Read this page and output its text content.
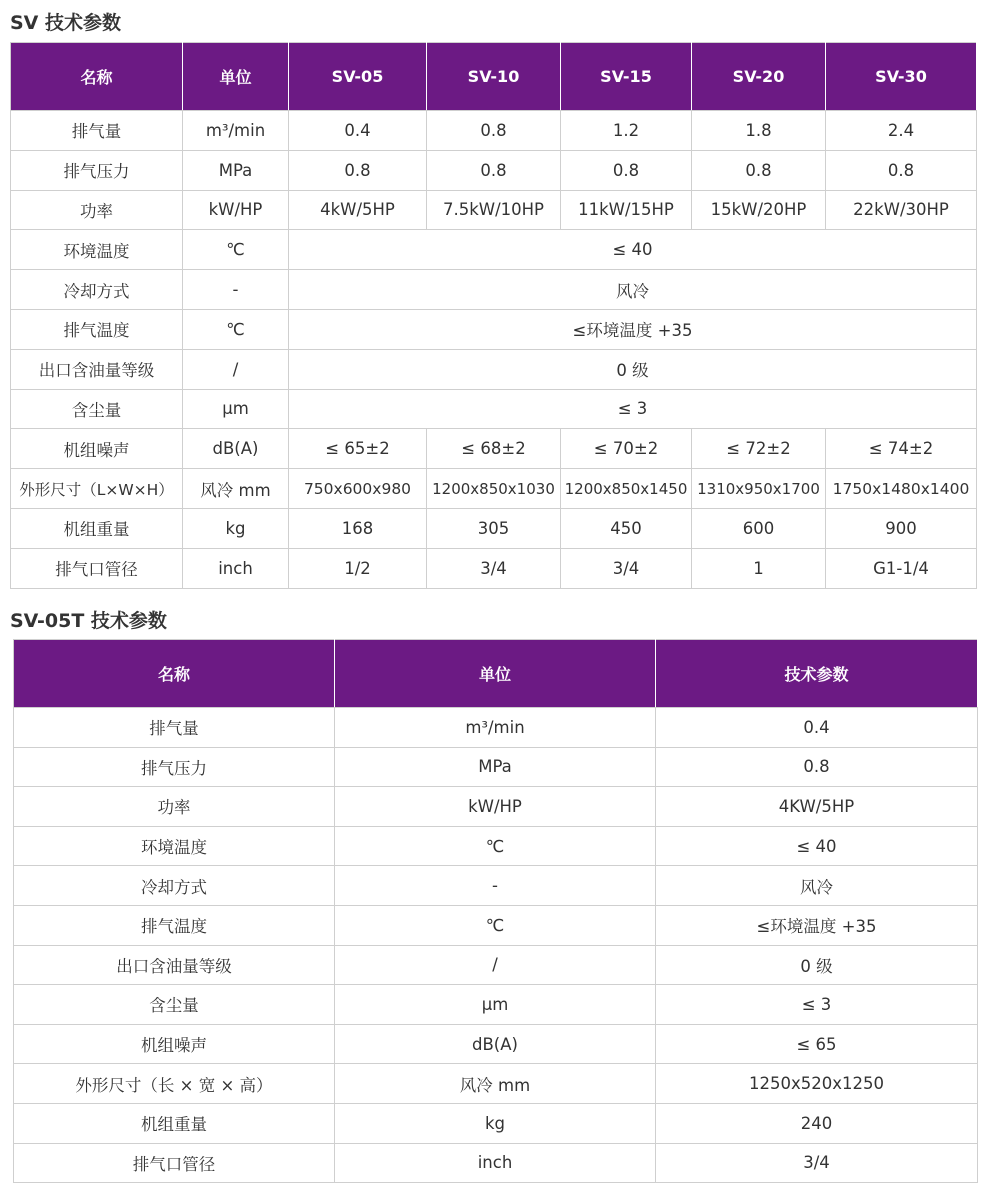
SV 技术参数
名称	单位	SV-05	SV-10	SV-15	SV-20	SV-30
排气量	m³/min	0.4	0.8	1.2	1.8	2.4
排气压力	MPa	0.8	0.8	0.8	0.8	0.8
功率	kW/HP	4kW/5HP	7.5kW/10HP	11kW/15HP	15kW/20HP	22kW/30HP
环境温度	℃	≤ 40				
冷却方式	-	风冷				
排气温度	℃	≤环境温度 +35				
出口含油量等级	/	0 级				
含尘量	μm	≤ 3				
机组噪声	dB(A)	≤ 65±2	≤ 68±2	≤ 70±2	≤ 72±2	≤ 74±2
外形尺寸（L×W×H）	风冷 mm	750x600x980	1200x850x1030	1200x850x1450	1310x950x1700	1750x1480x1400
机组重量	kg	168	305	450	600	900
排气口管径	inch	1/2	3/4	3/4	1	G1-1/4
SV-05T 技术参数
名称	单位	技术参数
排气量	m³/min	0.4
排气压力	MPa	0.8
功率	kW/HP	4KW/5HP
环境温度	℃	≤ 40
冷却方式	-	风冷
排气温度	℃	≤环境温度 +35
出口含油量等级	/	0 级
含尘量	μm	≤ 3
机组噪声	dB(A)	≤ 65
外形尺寸（长 × 宽 × 高）	风冷 mm	1250x520x1250
机组重量	kg	240
排气口管径	inch	3/4
